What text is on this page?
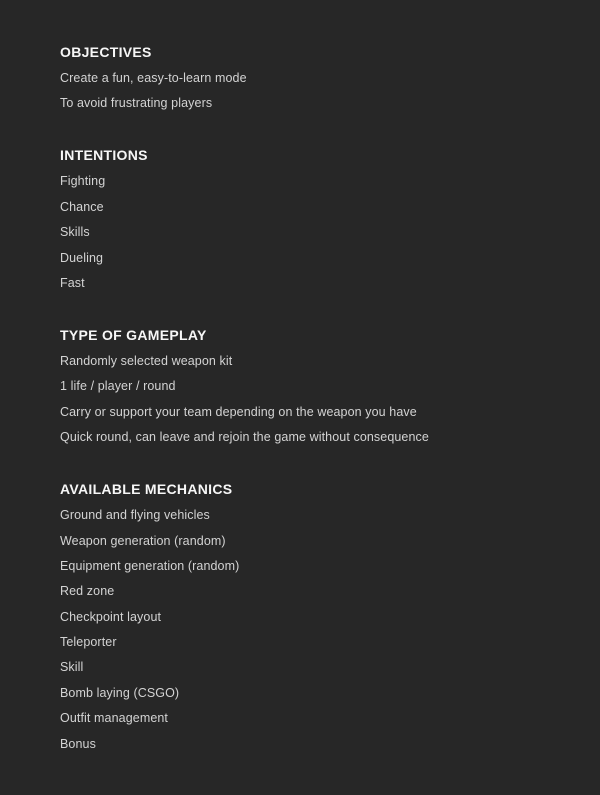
OBJECTIVES

Create a fun, easy-to-learn mode

To avoid frustrating players

INTENTIONS

Fighting

Chance

Skills

Dueling

Fast

TYPE OF GAMEPLAY

Randomly selected weapon kit

1 life / player / round

Carry or support your team depending on the weapon you have

Quick round, can leave and rejoin the game without consequence

AVAILABLE MECHANICS

Ground and flying vehicles

Weapon generation (random)

Equipment generation (random)

Red zone

Checkpoint layout

Teleporter

Skill

Bomb laying (CSGO)

Outfit management

Bonus
